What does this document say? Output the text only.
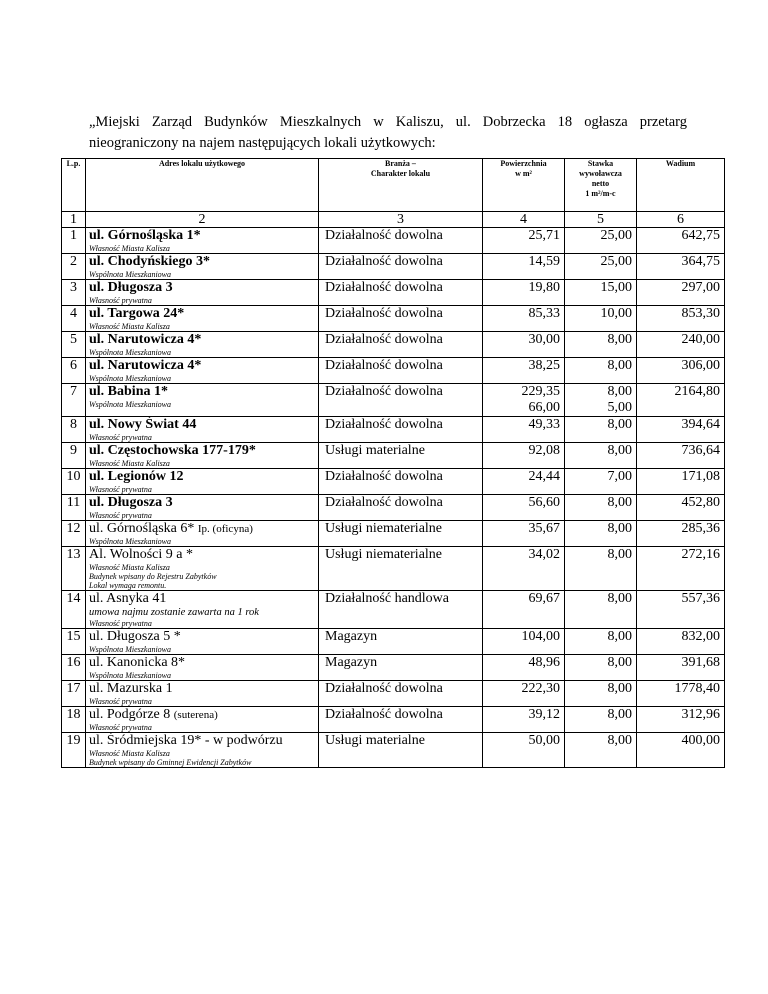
„Miejski Zarząd Budynków Mieszkalnych w Kaliszu, ul. Dobrzecka 18 ogłasza przetarg nieograniczony na najem następujących lokali użytkowych:
L.p.	Adres lokalu użytkowego	Branża –
Charakter lokalu	Powierzchnia
w m²	Stawka
wywoławcza
netto
1 m²/m-c	Wadium
1	2	3	4	5	6
1	ul. Górnośląska 1*
Własność Miasta Kalisza	Działalność dowolna	25,71	25,00	642,75
2	ul. Chodyńskiego 3*
Wspólnota Mieszkaniowa	Działalność dowolna	14,59	25,00	364,75
3	ul. Długosza 3
Własność prywatna	Działalność dowolna	19,80	15,00	297,00
4	ul. Targowa 24*
Własność Miasta Kalisza	Działalność dowolna	85,33	10,00	853,30
5	ul. Narutowicza 4*
Wspólnota Mieszkaniowa	Działalność dowolna	30,00	8,00	240,00
6	ul. Narutowicza 4*
Wspólnota Mieszkaniowa	Działalność dowolna	38,25	8,00	306,00
7	ul. Babina 1*
Wspólnota Mieszkaniowa	Działalność dowolna	229,35
66,00	8,00
5,00	2164,80
8	ul. Nowy Świat 44
Własność prywatna	Działalność dowolna	49,33	8,00	394,64
9	ul. Częstochowska 177-179*
Własność Miasta Kalisza	Usługi materialne	92,08	8,00	736,64
10	ul. Legionów 12
Własność prywatna	Działalność dowolna	24,44	7,00	171,08
11	ul. Długosza 3
Własność prywatna	Działalność dowolna	56,60	8,00	452,80
12	ul. Górnośląska 6* Ip. (oficyna)
Wspólnota Mieszkaniowa	Usługi niematerialne	35,67	8,00	285,36
13	Al. Wolności 9 a *
Własność Miasta Kalisza
Budynek wpisany do Rejestru Zabytków
Lokal wymaga remontu.	Usługi niematerialne	34,02	8,00	272,16
14	ul. Asnyka 41
umowa najmu zostanie zawarta na 1 rok
Własność prywatna	Działalność handlowa	69,67	8,00	557,36
15	ul. Długosza 5 *
Wspólnota Mieszkaniowa	Magazyn	104,00	8,00	832,00
16	ul. Kanonicka 8*
Wspólnota Mieszkaniowa	Magazyn	48,96	8,00	391,68
17	ul. Mazurska 1
Własność prywatna	Działalność dowolna	222,30	8,00	1778,40
18	ul. Podgórze 8 (suterena)
Własność prywatna	Działalność dowolna	39,12	8,00	312,96
19	ul. Śródmiejska 19* - w podwórzu
Własność Miasta Kalisza
Budynek wpisany do Gminnej Ewidencji Zabytków	Usługi materialne	50,00	8,00	400,00
